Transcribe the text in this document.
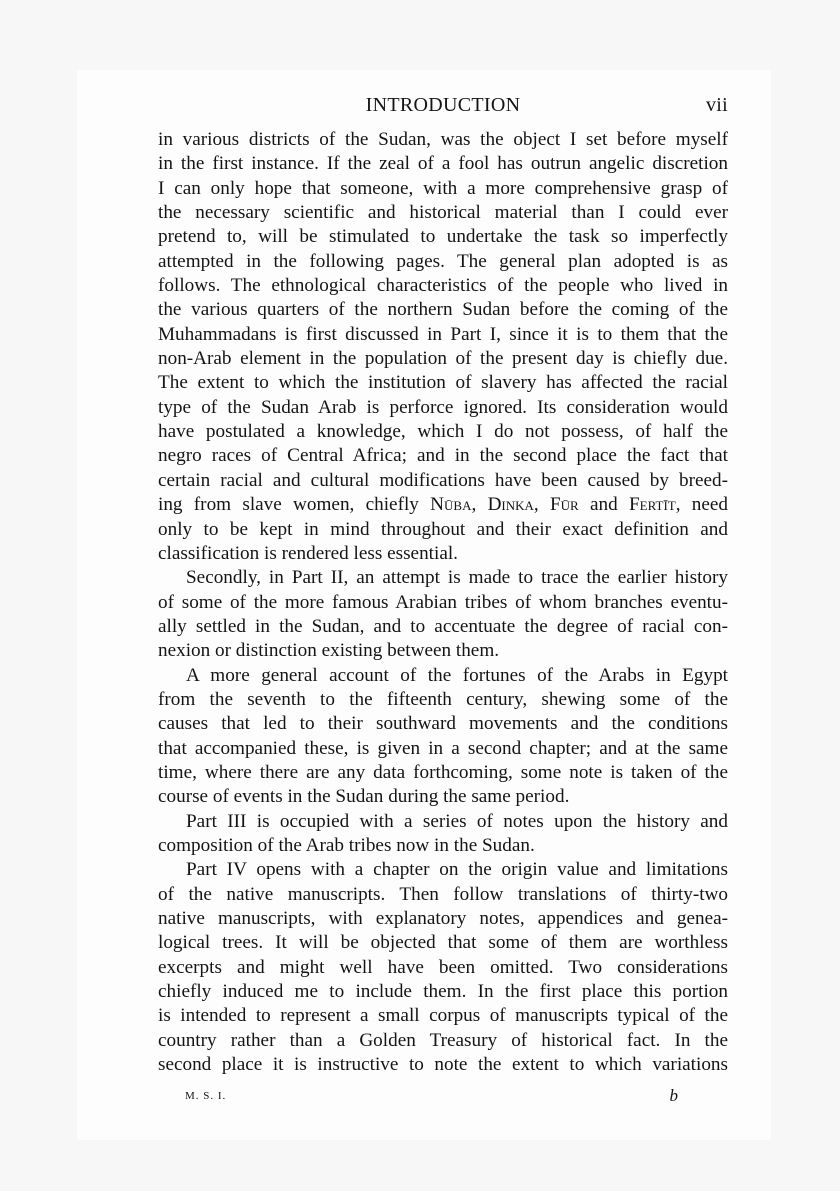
INTRODUCTION	vii
in various districts of the Sudan, was the object I set before myself
in the first instance. If the zeal of a fool has outrun angelic discretion
I can only hope that someone, with a more comprehensive grasp of
the necessary scientific and historical material than I could ever
pretend to, will be stimulated to undertake the task so imperfectly
attempted in the following pages. The general plan adopted is as
follows. The ethnological characteristics of the people who lived in
the various quarters of the northern Sudan before the coming of the
Muhammadans is first discussed in Part I, since it is to them that the
non-Arab element in the population of the present day is chiefly due.
The extent to which the institution of slavery has affected the racial
type of the Sudan Arab is perforce ignored. Its consideration would
have postulated a knowledge, which I do not possess, of half the
negro races of Central Africa; and in the second place the fact that
certain racial and cultural modifications have been caused by breed-
ing from slave women, chiefly Nūba, Dinka, Fūr and Fertīt, need
only to be kept in mind throughout and their exact definition and
classification is rendered less essential.
Secondly, in Part II, an attempt is made to trace the earlier history
of some of the more famous Arabian tribes of whom branches eventu-
ally settled in the Sudan, and to accentuate the degree of racial con-
nexion or distinction existing between them.
A more general account of the fortunes of the Arabs in Egypt
from the seventh to the fifteenth century, shewing some of the
causes that led to their southward movements and the conditions
that accompanied these, is given in a second chapter; and at the same
time, where there are any data forthcoming, some note is taken of the
course of events in the Sudan during the same period.
Part III is occupied with a series of notes upon the history and
composition of the Arab tribes now in the Sudan.
Part IV opens with a chapter on the origin value and limitations
of the native manuscripts. Then follow translations of thirty-two
native manuscripts, with explanatory notes, appendices and genea-
logical trees. It will be objected that some of them are worthless
excerpts and might well have been omitted. Two considerations
chiefly induced me to include them. In the first place this portion
is intended to represent a small corpus of manuscripts typical of the
country rather than a Golden Treasury of historical fact. In the
second place it is instructive to note the extent to which variations
M. S. I.	b
